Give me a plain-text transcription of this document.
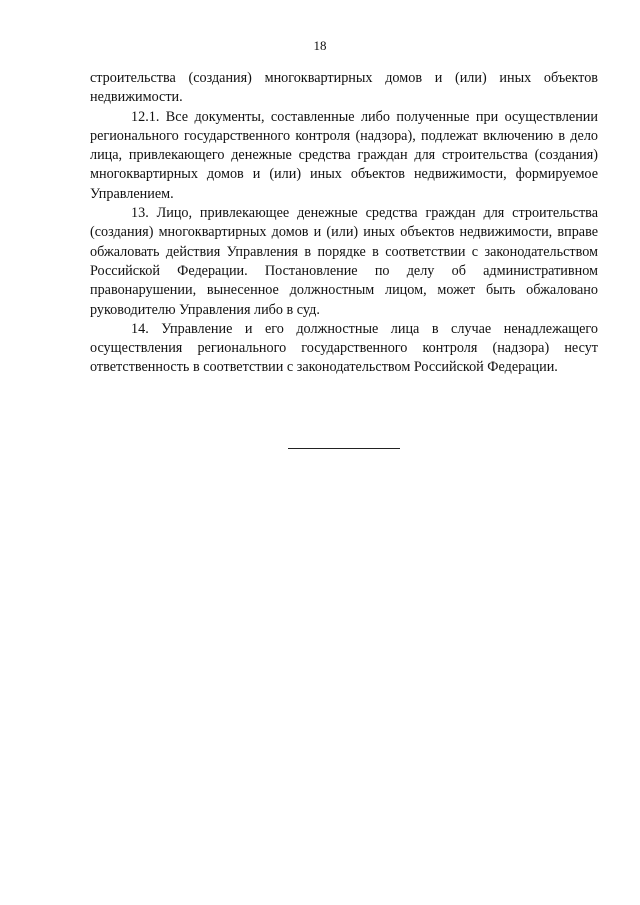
18

строительства (создания) многоквартирных домов и (или) иных объектов недвижимости.

12.1. Все документы, составленные либо полученные при осуществлении регионального государственного контроля (надзора), подлежат включению в дело лица, привлекающего денежные средства граждан для строительства (создания) многоквартирных домов и (или) иных объектов недвижимости, формируемое Управлением.

13. Лицо, привлекающее денежные средства граждан для строительства (создания) многоквартирных домов и (или) иных объектов недвижимости, вправе обжаловать действия Управления в порядке в соответствии с законодательством Российской Федерации. Постановление по делу об административном правонарушении, вынесенное должностным лицом, может быть обжаловано руководителю Управления либо в суд.

14. Управление и его должностные лица в случае ненадлежащего осуществления регионального государственного контроля (надзора) несут ответственность в соответствии с законодательством Российской Федерации.
